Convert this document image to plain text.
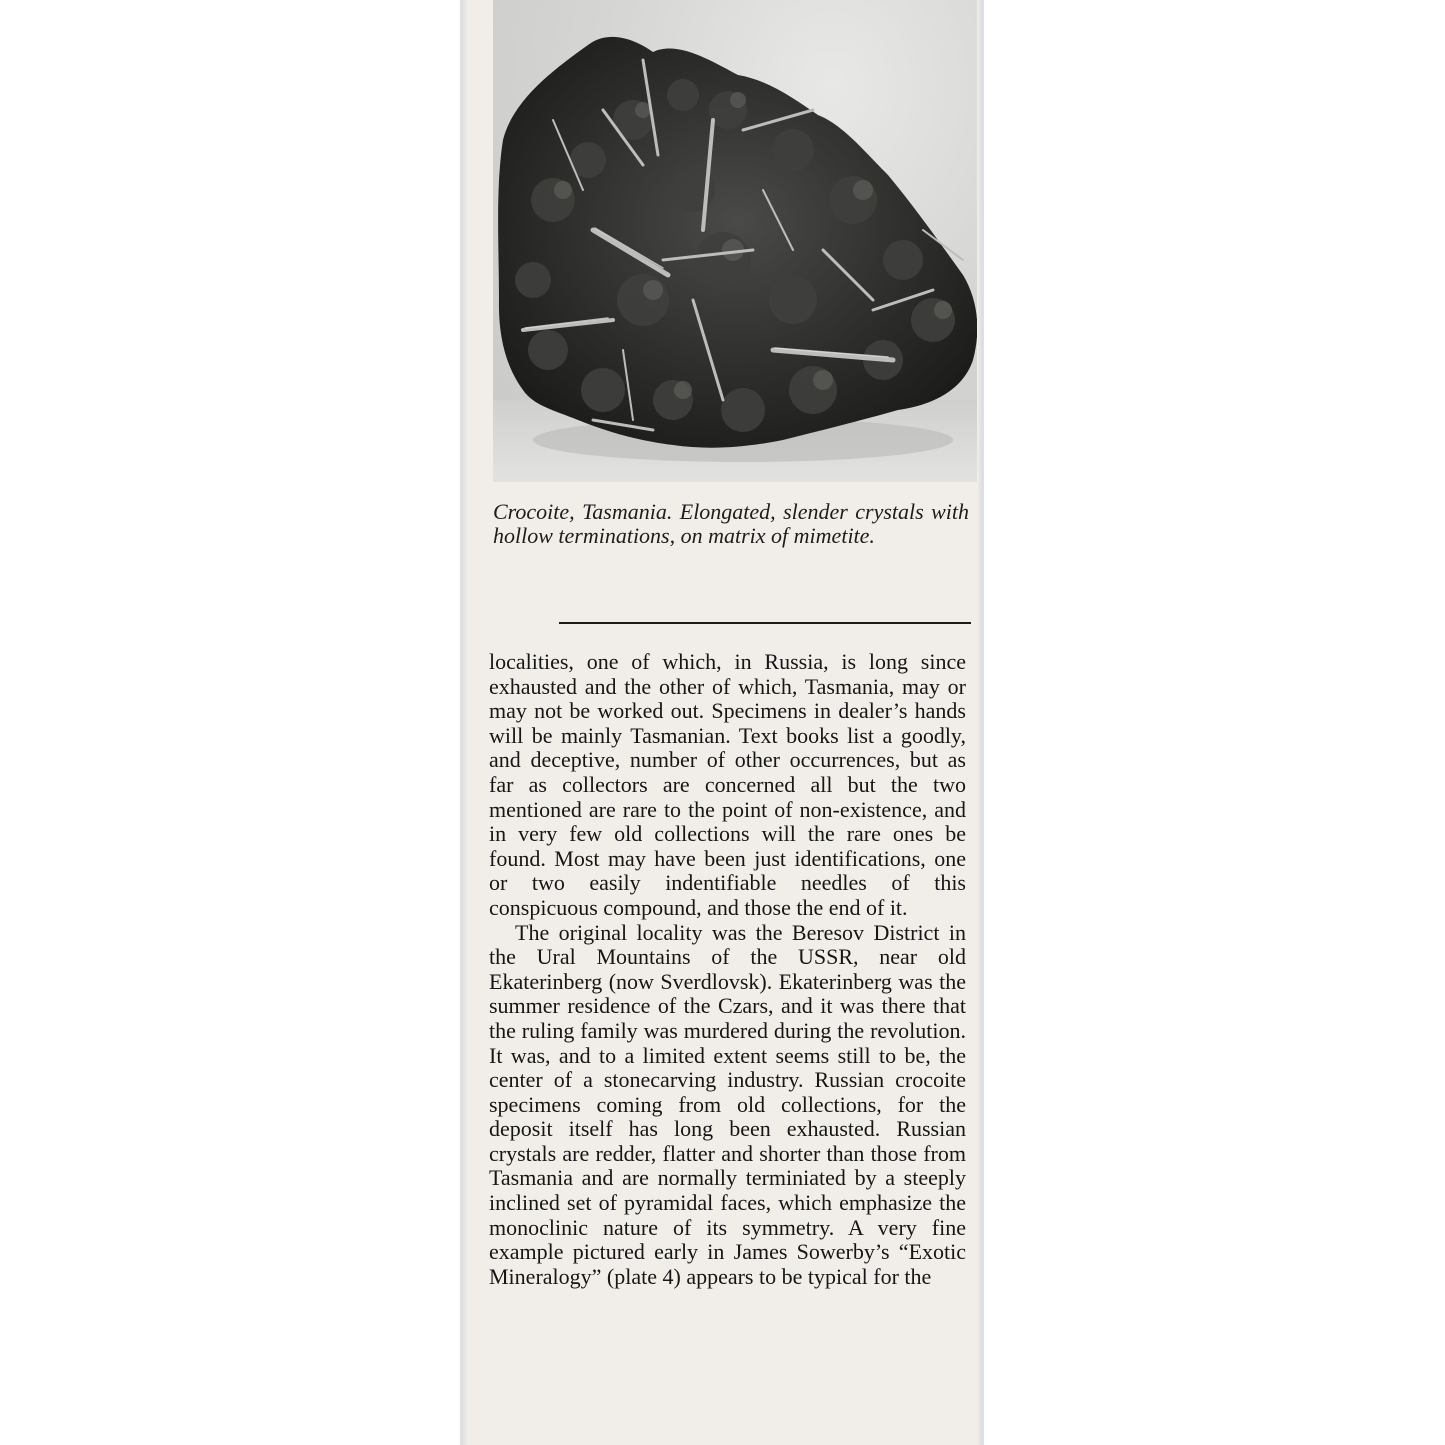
Crocoite, Tasmania. Elongated, slender crystals with hollow terminations, on matrix of mimetite.

localities, one of which, in Russia, is long since exhausted and the other of which, Tasmania, may or may not be worked out. Specimens in dealer’s hands will be mainly Tasmanian. Text books list a goodly, and deceptive, number of other occurrences, but as far as collectors are concerned all but the two mentioned are rare to the point of non-existence, and in very few old collections will the rare ones be found. Most may have been just identifications, one or two easily indentifiable needles of this conspicuous compound, and those the end of it.

The original locality was the Beresov District in the Ural Mountains of the USSR, near old Ekaterinberg (now Sverdlovsk). Ekaterinberg was the summer residence of the Czars, and it was there that the ruling family was murdered during the revolution. It was, and to a limited extent seems still to be, the center of a stonecarving industry. Russian crocoite specimens coming from old collections, for the deposit itself has long been exhausted. Russian crystals are redder, flatter and shorter than those from Tasmania and are normally terminiated by a steeply inclined set of pyramidal faces, which emphasize the monoclinic nature of its symmetry. A very fine example pictured early in James Sowerby’s “Exotic Mineralogy” (plate 4) appears to be typical for the
